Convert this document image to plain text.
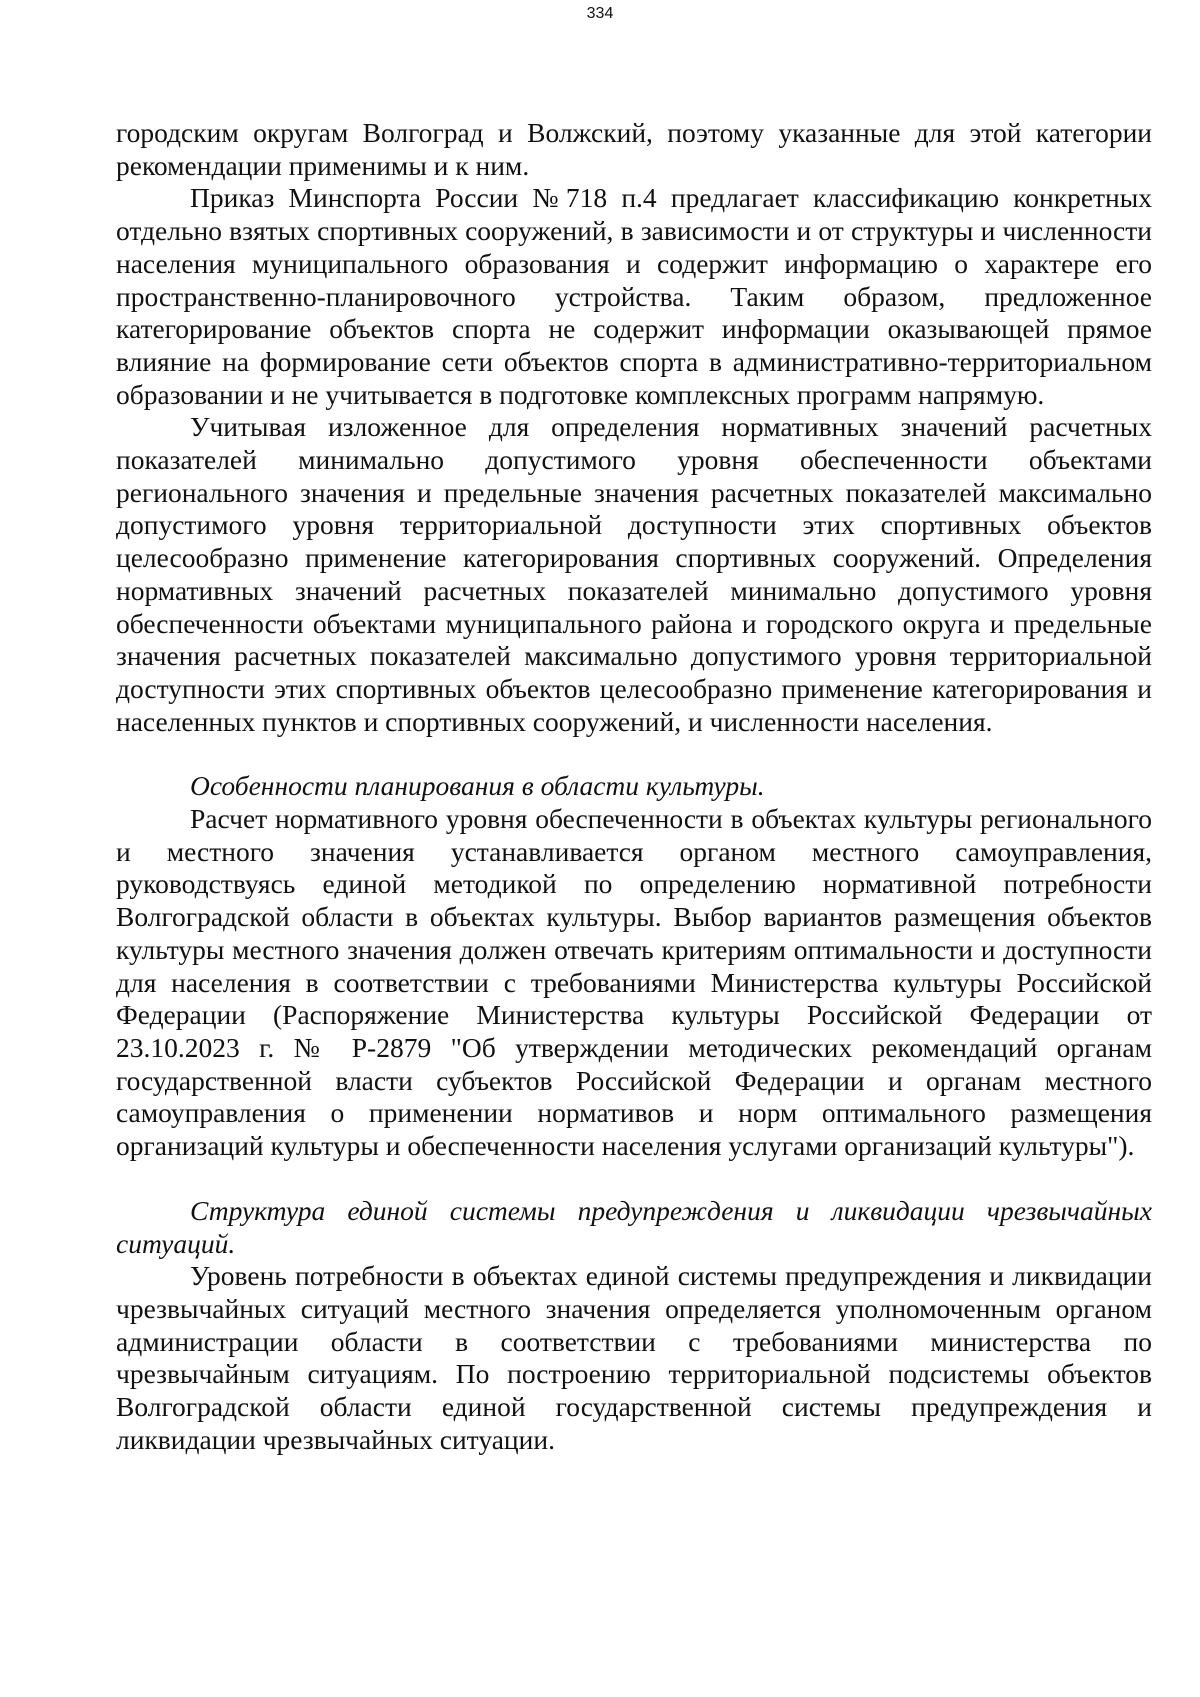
334

городским округам Волгоград и Волжский, поэтому указанные для этой категории рекомендации применимы и к ним.

Приказ Минспорта России №718 п.4 предлагает классификацию конкретных отдельно взятых спортивных сооружений, в зависимости и от структуры и численности населения муниципального образования и содержит информацию о характере его пространственно-планировочного устройства. Таким образом, предложенное категорирование объектов спорта не содержит информации оказывающей прямое влияние на формирование сети объектов спорта в административно-территориальном образовании и не учитывается в подготовке комплексных программ напрямую.

Учитывая изложенное для определения нормативных значений расчетных показателей минимально допустимого уровня обеспеченности объектами регионального значения и предельные значения расчетных показателей максимально допустимого уровня территориальной доступности этих спортивных объектов целесообразно применение категорирования спортивных сооружений. Определения нормативных значений расчетных показателей минимально допустимого уровня обеспеченности объектами муниципального района и городского округа и предельные значения расчетных показателей максимально допустимого уровня территориальной доступности этих спортивных объектов целесообразно применение категорирования и населенных пунктов и спортивных сооружений, и численности населения.

Особенности планирования в области культуры.

Расчет нормативного уровня обеспеченности в объектах культуры регионального и местного значения устанавливается органом местного самоуправления, руководствуясь единой методикой по определению нормативной потребности Волгоградской области в объектах культуры. Выбор вариантов размещения объектов культуры местного значения должен отвечать критериям оптимальности и доступности для населения в соответствии с требованиями Министерства культуры Российской Федерации (Распоряжение Министерства культуры Российской Федерации от 23.10.2023 г. № Р-2879 "Об утверждении методических рекомендаций органам государственной власти субъектов Российской Федерации и органам местного самоуправления о применении нормативов и норм оптимального размещения организаций культуры и обеспеченности населения услугами организаций культуры").

Структура единой системы предупреждения и ликвидации чрезвычайных ситуаций.

Уровень потребности в объектах единой системы предупреждения и ликвидации чрезвычайных ситуаций местного значения определяется уполномоченным органом администрации области в соответствии с требованиями министерства по чрезвычайным ситуациям. По построению территориальной подсистемы объектов Волгоградской области единой государственной системы предупреждения и ликвидации чрезвычайных ситуации.
